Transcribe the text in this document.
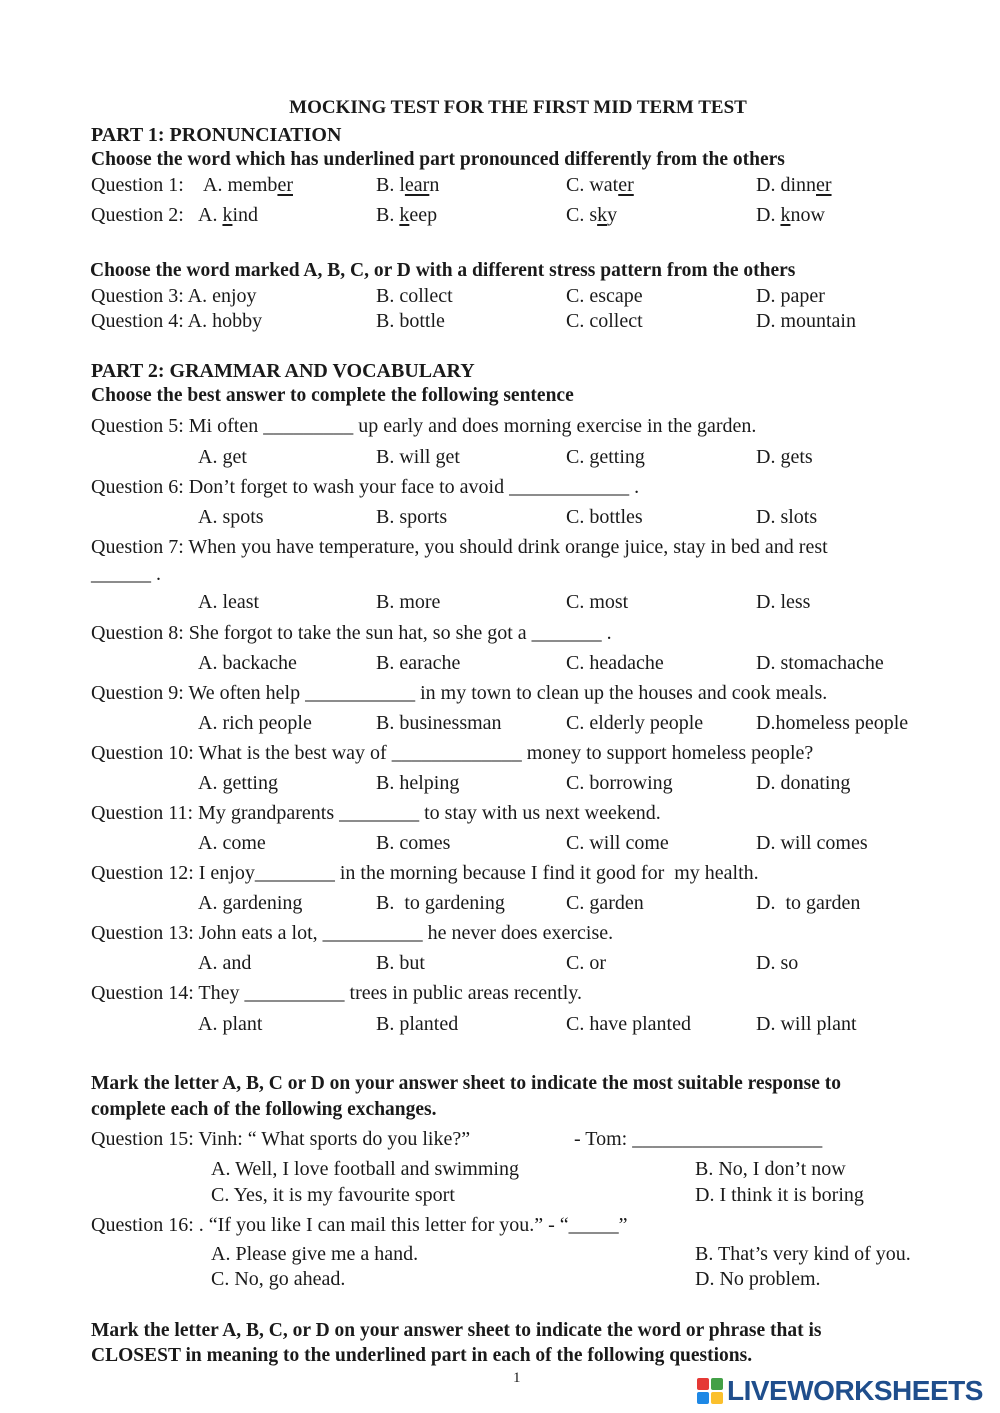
MOCKING TEST FOR THE FIRST MID TERM TEST
PART 1: PRONUNCIATION
Choose the word which has underlined part pronounced differently from the others
Question 1: A. member	B. learn	C. water	D. dinner
Question 2: A. kind	B. keep	C. sky	D. know
Choose the word marked A, B, C, or D with a different stress pattern from the others
Question 3: A. enjoy	B. collect	C. escape	D. paper
Question 4: A. hobby	B. bottle	C. collect	D. mountain
PART 2: GRAMMAR AND VOCABULARY
Choose the best answer to complete the following sentence
Question 5: Mi often _________ up early and does morning exercise in the garden.
A. get	B. will get	C. getting	D. gets
Question 6: Don’t forget to wash your face to avoid ____________ .
A. spots	B. sports	C. bottles	D. slots
Question 7: When you have temperature, you should drink orange juice, stay in bed and rest
______ .
A. least	B. more	C. most	D. less
Question 8: She forgot to take the sun hat, so she got a _______ .
A. backache	B. earache	C. headache	D. stomachache
Question 9: We often help ___________ in my town to clean up the houses and cook meals.
A. rich people	B. businessman	C. elderly people	D.homeless people
Question 10: What is the best way of _____________ money to support homeless people?
A. getting	B. helping	C. borrowing	D. donating
Question 11: My grandparents ________ to stay with us next weekend.
A. come	B. comes	C. will come	D. will comes
Question 12: I enjoy________ in the morning because I find it good for  my health.
A. gardening	B.  to gardening	C. garden	D.  to garden
Question 13: John eats a lot, __________ he never does exercise.
A. and	B. but	C. or	D. so
Question 14: They __________ trees in public areas recently.
A. plant	B. planted	C. have planted	D. will plant
Mark the letter A, B, C or D on your answer sheet to indicate the most suitable response to
complete each of the following exchanges.
Question 15: Vinh: “ What sports do you like?”	- Tom: ___________________
A. Well, I love football and swimming	B. No, I don’t now
C. Yes, it is my favourite sport	D. I think it is boring
Question 16: . “If you like I can mail this letter for you.” - “_____”
A. Please give me a hand.	B. That’s very kind of you.
C. No, go ahead.	D. No problem.
Mark the letter A, B, C, or D on your answer sheet to indicate the word or phrase that is
CLOSEST in meaning to the underlined part in each of the following questions.
1	LIVEWORKSHEETS
